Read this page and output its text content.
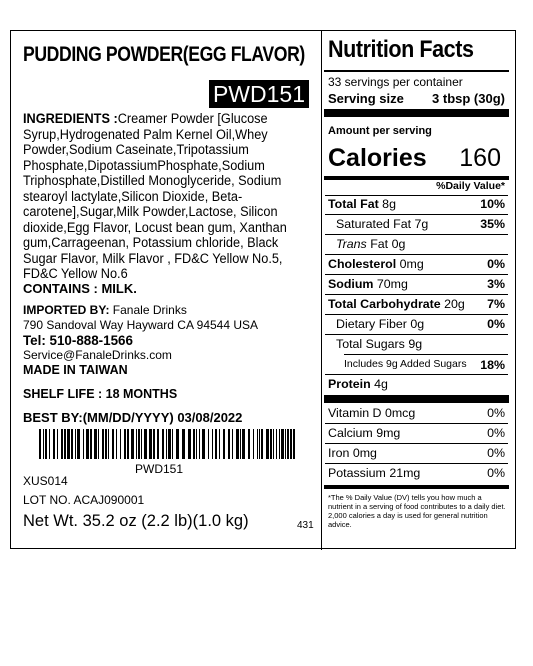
PUDDING POWDER(EGG FLAVOR)
PWD151
INGREDIENTS :Creamer Powder [Glucose Syrup,Hydrogenated Palm Kernel Oil,Whey Powder,Sodium Caseinate,Tripotassium Phosphate,DipotassiumPhosphate,Sodium Triphosphate,Distilled Monoglyceride, Sodium stearoyl lactylate,Silicon Dioxide, Beta-carotene],Sugar,Milk Powder,Lactose, Silicon dioxide,Egg Flavor, Locust bean gum, Xanthan gum,Carrageenan, Potassium chloride, Black Sugar Flavor, Milk Flavor , FD&C Yellow No.5, FD&C Yellow No.6
CONTAINS : MILK.
IMPORTED BY: Fanale Drinks
790 Sandoval Way Hayward CA 94544 USA
Tel: 510-888-1566
Service@FanaleDrinks.com
MADE IN TAIWAN
SHELF LIFE : 18 MONTHS
BEST BY:(MM/DD/YYYY) 03/08/2022
PWD151
XUS014
LOT NO. ACAJ090001
Net Wt. 35.2 oz (2.2 lb)(1.0 kg)
Nutrition Facts
33 servings per container
Serving size 3 tbsp (30g)
Amount per serving
Calories 160
%Daily Value*
Total Fat 8g	10%
Saturated Fat 7g	35%
Trans Fat 0g
Cholesterol 0mg	0%
Sodium 70mg	3%
Total Carbohydrate 20g 7%
Dietary Fiber 0g	0%
Total Sugars 9g
Includes 9g Added Sugars 18%
Protein 4g
Vitamin D 0mcg	0%
Calcium 9mg	0%
Iron 0mg	0%
Potassium 21mg	0%
*The % Daily Value (DV) tells you how much a nutrient in a serving of food contributes to a daily diet. 2,000 calories a day is used for general nutrition advice.
431
